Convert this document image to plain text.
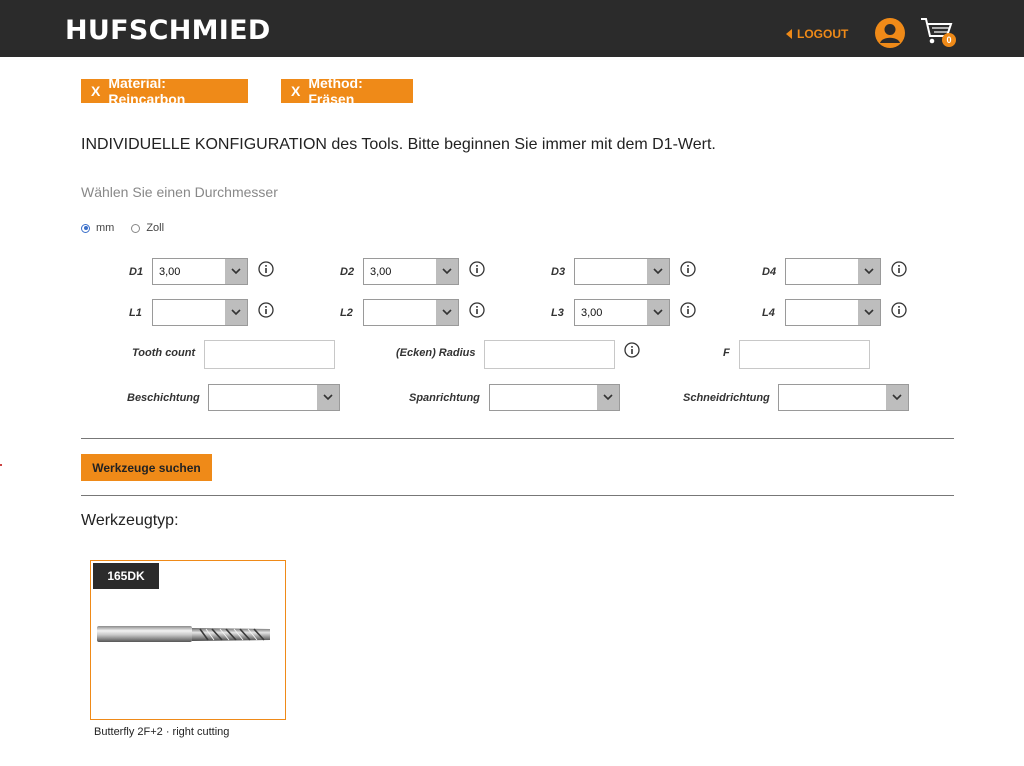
HUFSCHMIED	LOGOUT	0
X Material: Reincarbon	X Method: Fräsen
INDIVIDUELLE KONFIGURATION des Tools. Bitte beginnen Sie immer mit dem D1-Wert.
Wählen Sie einen Durchmesser
mm	Zoll
D1 3,00	D2 3,00	D3	D4
L1	L2	L3 3,00	L4
Tooth count	(Ecken) Radius	F
Beschichtung	Spanrichtung	Schneidrichtung
Werkzeuge suchen
Werkzeugtyp:
165DK
Butterfly 2F+2 · right cutting
